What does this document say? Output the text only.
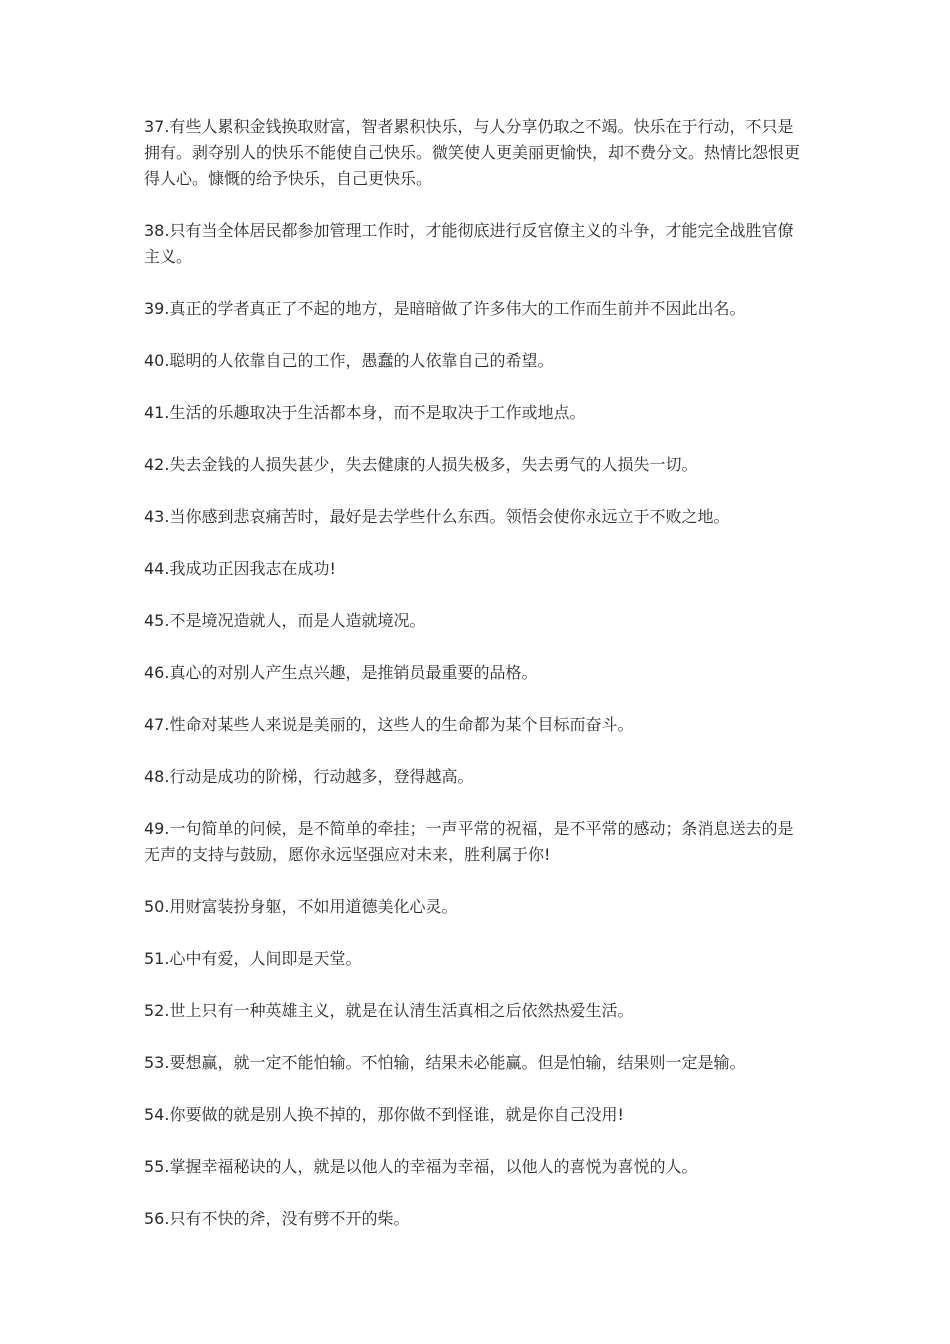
37.有些人累积金钱换取财富，智者累积快乐，与人分享仍取之不竭。快乐在于行动，不只是拥有。剥夺别人的快乐不能使自己快乐。微笑使人更美丽更愉快，却不费分文。热情比怨恨更得人心。慷慨的给予快乐，自己更快乐。

38.只有当全体居民都参加管理工作时，才能彻底进行反官僚主义的斗争，才能完全战胜官僚主义。

39.真正的学者真正了不起的地方，是暗暗做了许多伟大的工作而生前并不因此出名。

40.聪明的人依靠自己的工作，愚蠢的人依靠自己的希望。

41.生活的乐趣取决于生活都本身，而不是取决于工作或地点。

42.失去金钱的人损失甚少，失去健康的人损失极多，失去勇气的人损失一切。

43.当你感到悲哀痛苦时，最好是去学些什么东西。领悟会使你永远立于不败之地。

44.我成功正因我志在成功!

45.不是境况造就人，而是人造就境况。

46.真心的对别人产生点兴趣，是推销员最重要的品格。

47.性命对某些人来说是美丽的，这些人的生命都为某个目标而奋斗。

48.行动是成功的阶梯，行动越多，登得越高。

49.一句简单的问候，是不简单的牵挂；一声平常的祝福，是不平常的感动；条消息送去的是无声的支持与鼓励，愿你永远坚强应对未来，胜利属于你!

50.用财富装扮身躯，不如用道德美化心灵。

51.心中有爱，人间即是天堂。

52.世上只有一种英雄主义，就是在认清生活真相之后依然热爱生活。

53.要想赢，就一定不能怕输。不怕输，结果未必能赢。但是怕输，结果则一定是输。

54.你要做的就是别人换不掉的，那你做不到怪谁，就是你自己没用!

55.掌握幸福秘诀的人，就是以他人的幸福为幸福，以他人的喜悦为喜悦的人。

56.只有不快的斧，没有劈不开的柴。
